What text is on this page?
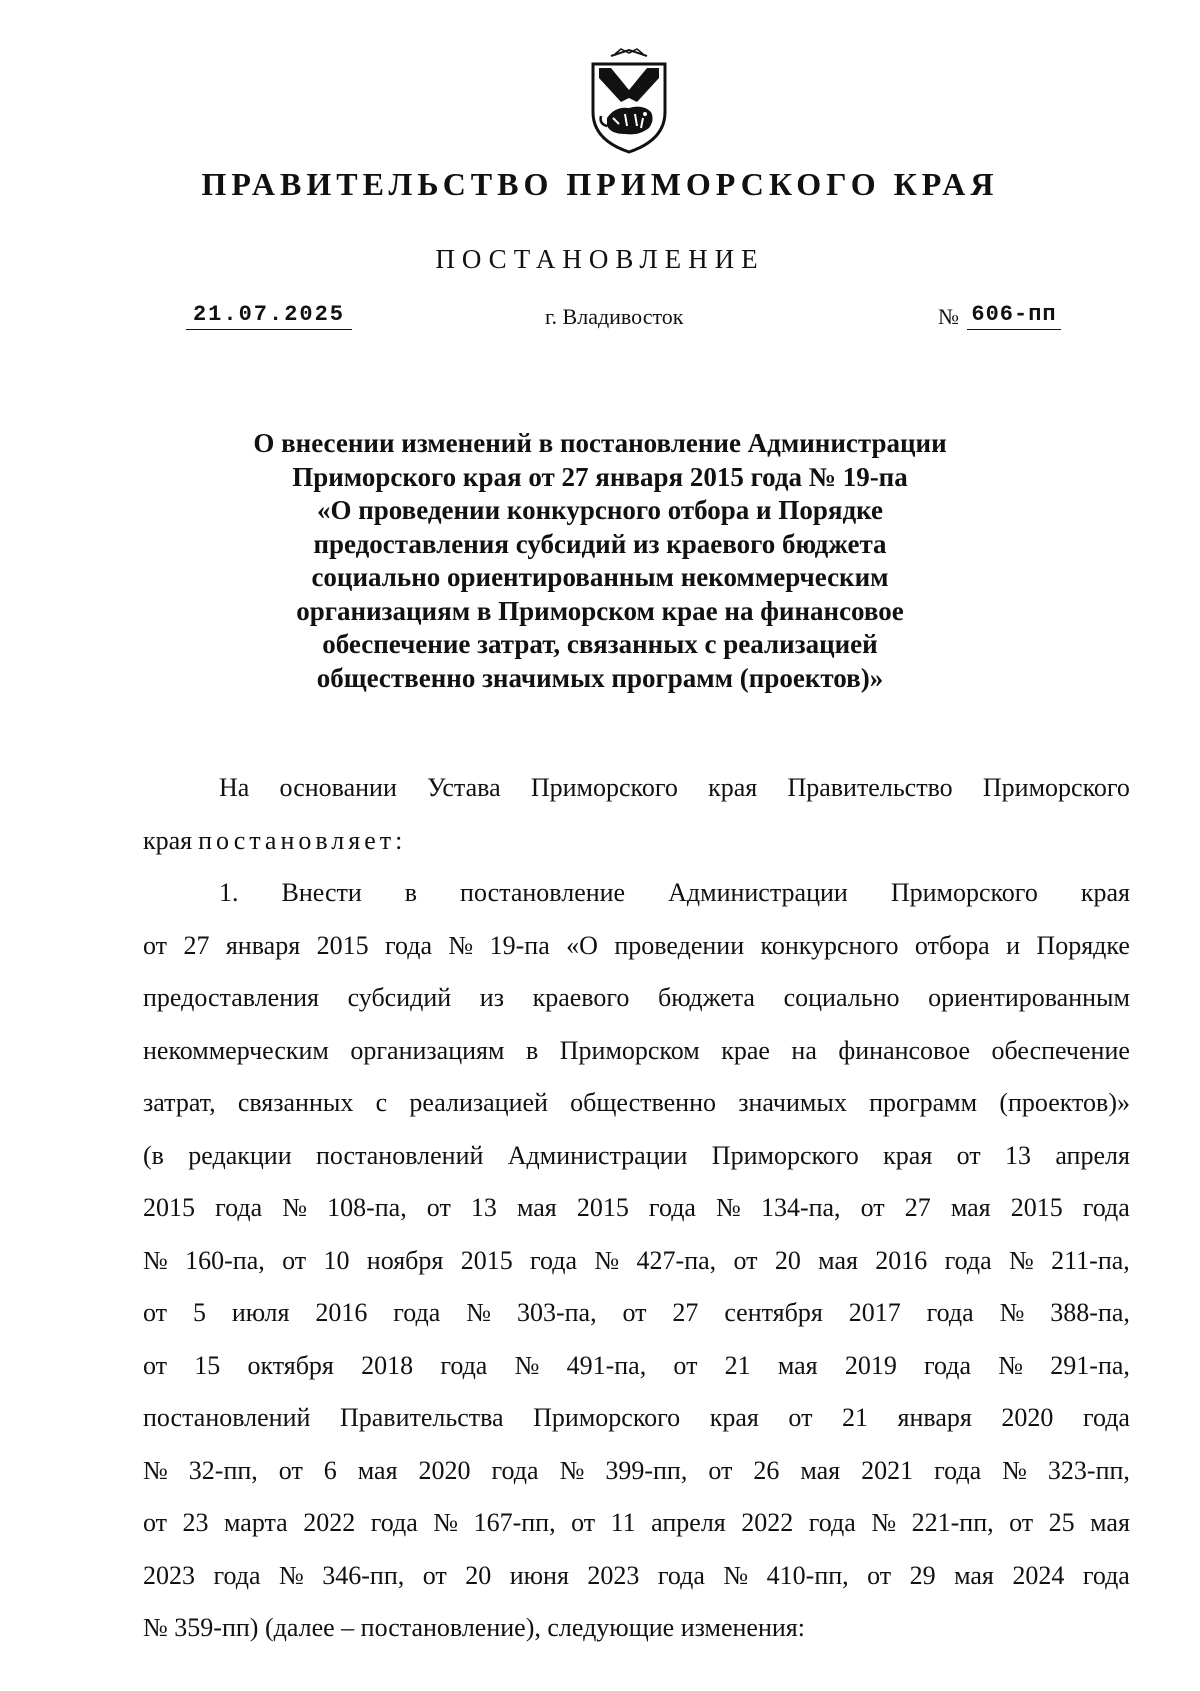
ПРАВИТЕЛЬСТВО ПРИМОРСКОГО КРАЯ
ПОСТАНОВЛЕНИЕ
21.07.2025	г. Владивосток	№ 606-пп
О внесении изменений в постановление Администрации
Приморского края от 27 января 2015 года № 19-па
«О проведении конкурсного отбора и Порядке
предоставления субсидий из краевого бюджета
социально ориентированным некоммерческим
организациям в Приморском крае на финансовое
обеспечение затрат, связанных с реализацией
общественно значимых программ (проектов)»
На основании Устава Приморского края Правительство Приморского
края постановляет:
1. Внести в постановление Администрации Приморского края
от 27 января 2015 года № 19-па «О проведении конкурсного отбора и Порядке
предоставления субсидий из краевого бюджета социально ориентированным
некоммерческим организациям в Приморском крае на финансовое обеспечение
затрат, связанных с реализацией общественно значимых программ (проектов)»
(в редакции постановлений Администрации Приморского края от 13 апреля
2015 года № 108-па, от 13 мая 2015 года № 134-па, от 27 мая 2015 года
№ 160-па, от 10 ноября 2015 года № 427-па, от 20 мая 2016 года № 211-па,
от 5 июля 2016 года № 303-па, от 27 сентября 2017 года № 388-па,
от 15 октября 2018 года № 491-па, от 21 мая 2019 года № 291-па,
постановлений Правительства Приморского края от 21 января 2020 года
№ 32-пп, от 6 мая 2020 года № 399-пп, от 26 мая 2021 года № 323-пп,
от 23 марта 2022 года № 167-пп, от 11 апреля 2022 года № 221-пп, от 25 мая
2023 года № 346-пп, от 20 июня 2023 года № 410-пп, от 29 мая 2024 года
№ 359-пп) (далее – постановление), следующие изменения:
